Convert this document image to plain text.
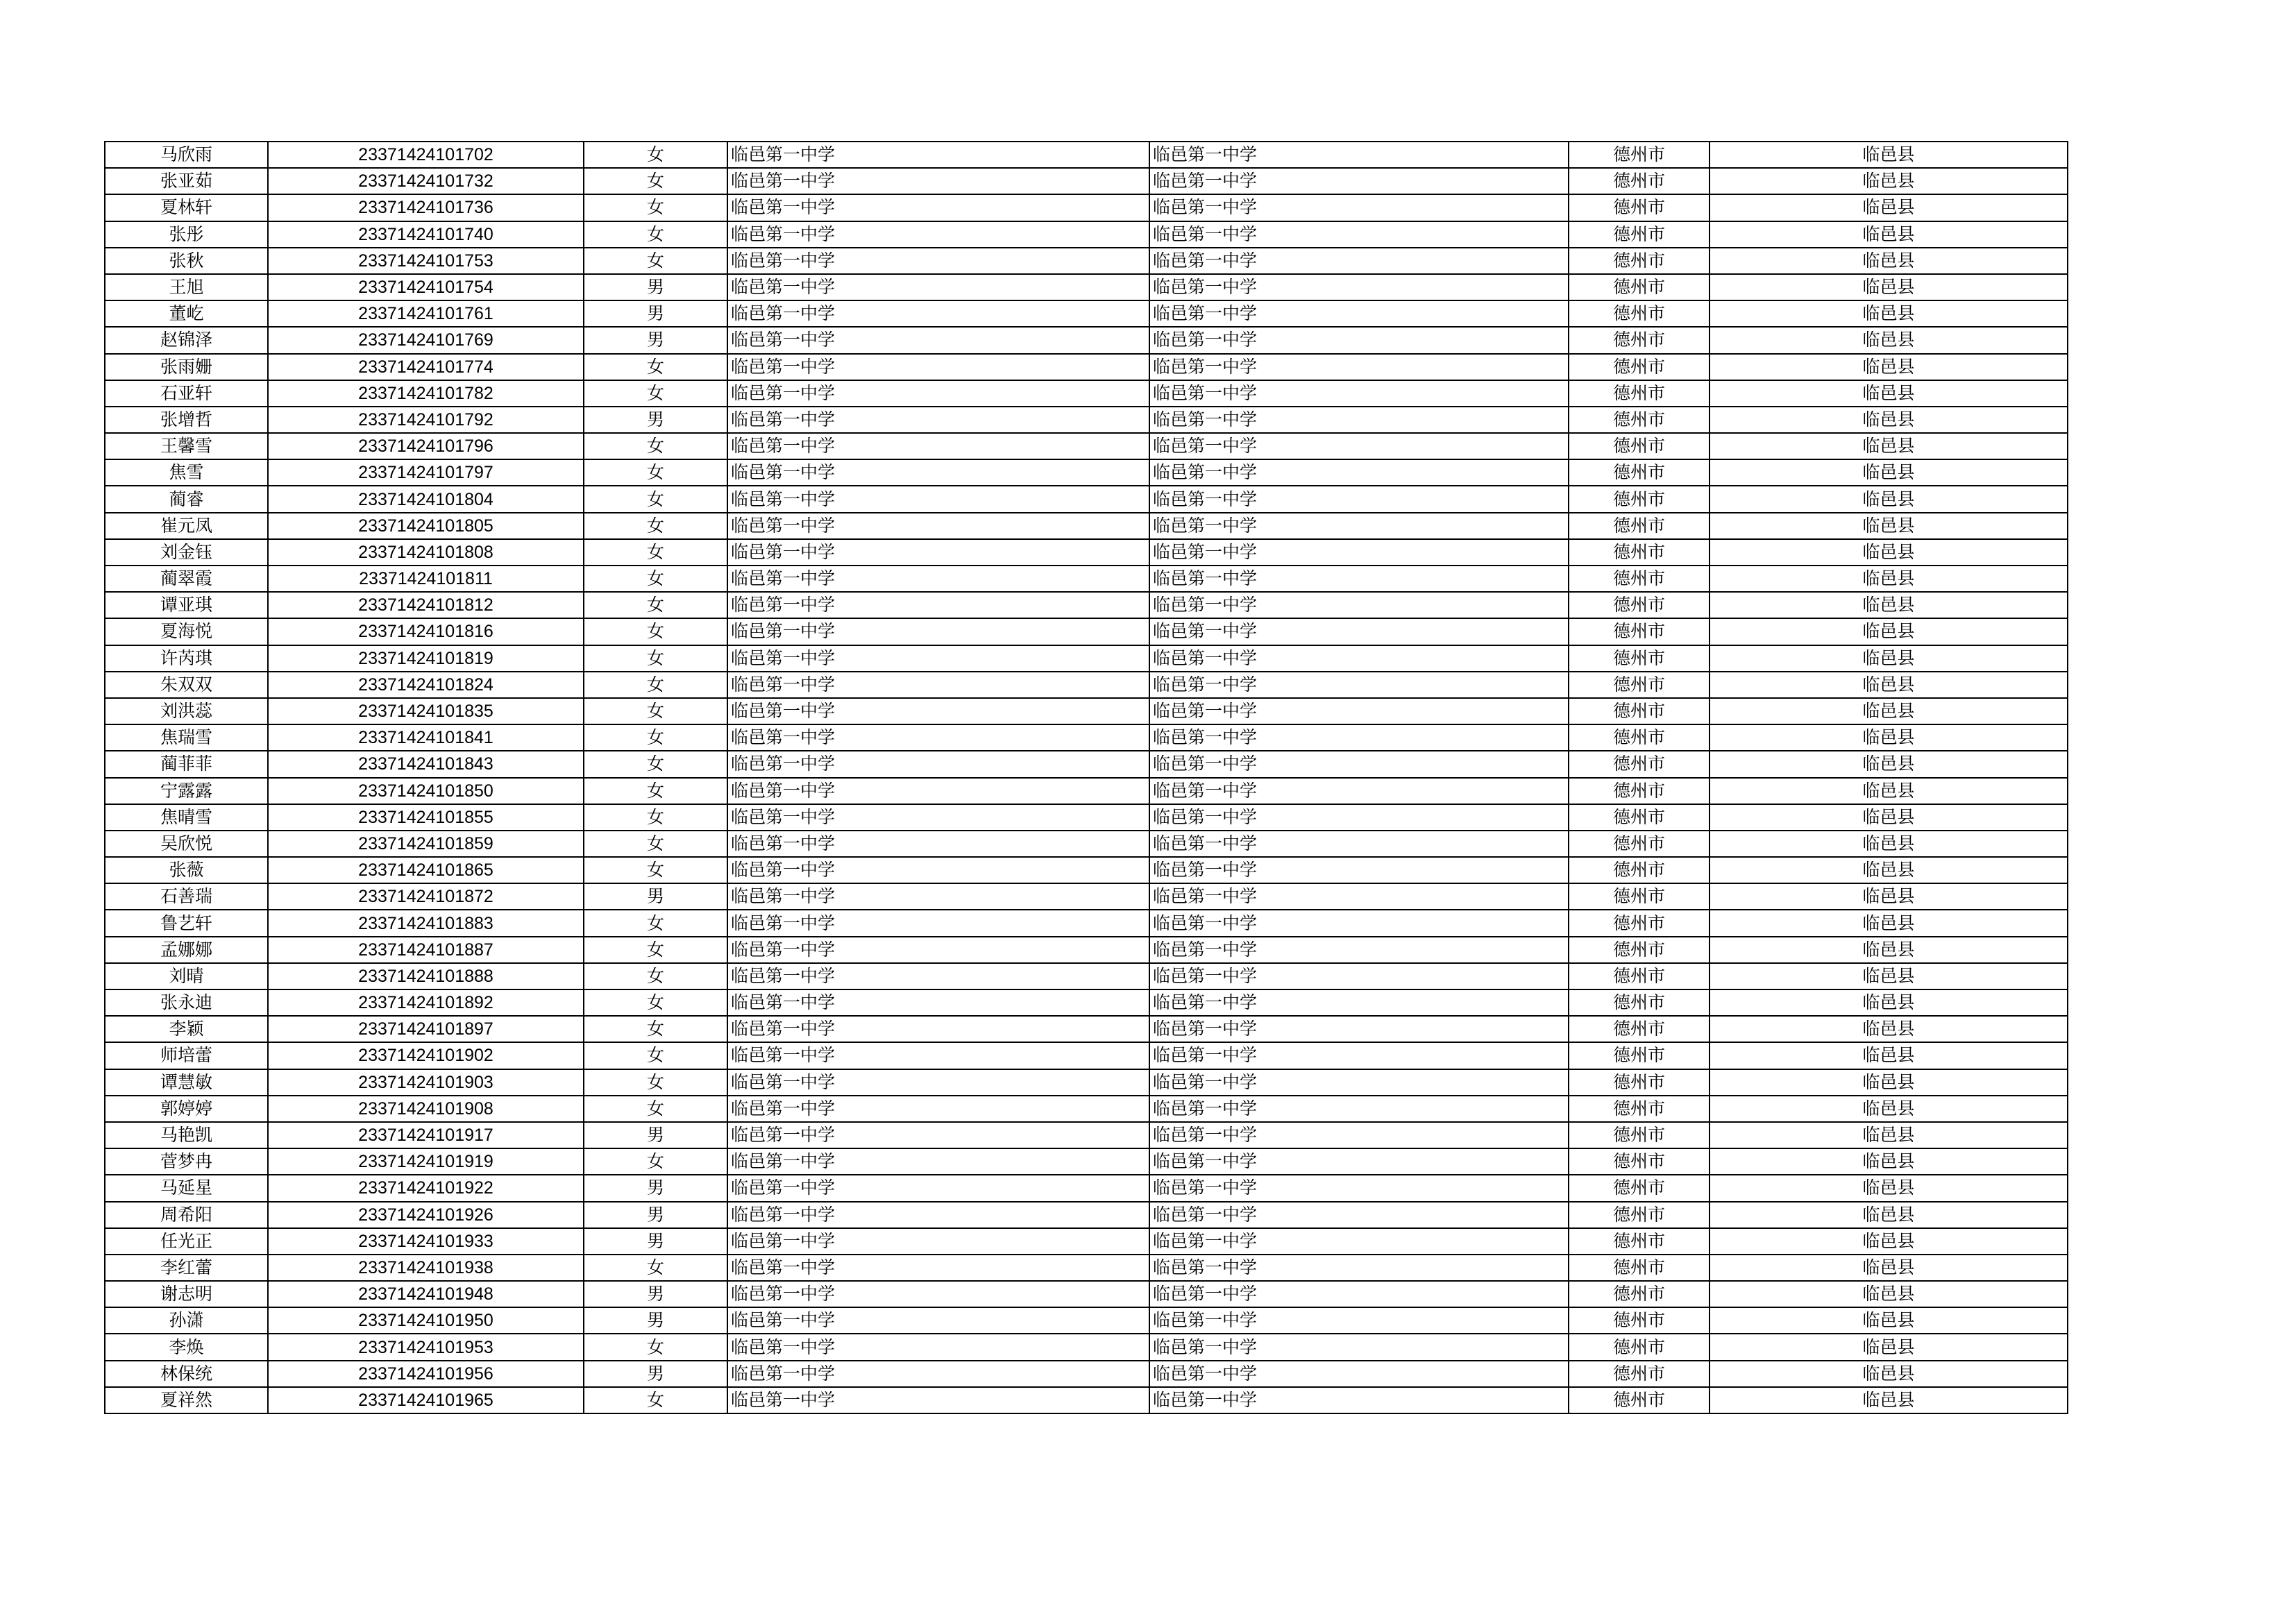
马欣雨	23371424101702	女	临邑第一中学	临邑第一中学	德州市	临邑县
张亚茹	23371424101732	女	临邑第一中学	临邑第一中学	德州市	临邑县
夏林轩	23371424101736	女	临邑第一中学	临邑第一中学	德州市	临邑县
张彤	23371424101740	女	临邑第一中学	临邑第一中学	德州市	临邑县
张秋	23371424101753	女	临邑第一中学	临邑第一中学	德州市	临邑县
王旭	23371424101754	男	临邑第一中学	临邑第一中学	德州市	临邑县
董屹	23371424101761	男	临邑第一中学	临邑第一中学	德州市	临邑县
赵锦泽	23371424101769	男	临邑第一中学	临邑第一中学	德州市	临邑县
张雨姗	23371424101774	女	临邑第一中学	临邑第一中学	德州市	临邑县
石亚轩	23371424101782	女	临邑第一中学	临邑第一中学	德州市	临邑县
张增哲	23371424101792	男	临邑第一中学	临邑第一中学	德州市	临邑县
王馨雪	23371424101796	女	临邑第一中学	临邑第一中学	德州市	临邑县
焦雪	23371424101797	女	临邑第一中学	临邑第一中学	德州市	临邑县
蔺睿	23371424101804	女	临邑第一中学	临邑第一中学	德州市	临邑县
崔元凤	23371424101805	女	临邑第一中学	临邑第一中学	德州市	临邑县
刘金钰	23371424101808	女	临邑第一中学	临邑第一中学	德州市	临邑县
蔺翠霞	23371424101811	女	临邑第一中学	临邑第一中学	德州市	临邑县
谭亚琪	23371424101812	女	临邑第一中学	临邑第一中学	德州市	临邑县
夏海悦	23371424101816	女	临邑第一中学	临邑第一中学	德州市	临邑县
许芮琪	23371424101819	女	临邑第一中学	临邑第一中学	德州市	临邑县
朱双双	23371424101824	女	临邑第一中学	临邑第一中学	德州市	临邑县
刘洪蕊	23371424101835	女	临邑第一中学	临邑第一中学	德州市	临邑县
焦瑞雪	23371424101841	女	临邑第一中学	临邑第一中学	德州市	临邑县
蔺菲菲	23371424101843	女	临邑第一中学	临邑第一中学	德州市	临邑县
宁露露	23371424101850	女	临邑第一中学	临邑第一中学	德州市	临邑县
焦晴雪	23371424101855	女	临邑第一中学	临邑第一中学	德州市	临邑县
吴欣悦	23371424101859	女	临邑第一中学	临邑第一中学	德州市	临邑县
张薇	23371424101865	女	临邑第一中学	临邑第一中学	德州市	临邑县
石善瑞	23371424101872	男	临邑第一中学	临邑第一中学	德州市	临邑县
鲁艺轩	23371424101883	女	临邑第一中学	临邑第一中学	德州市	临邑县
孟娜娜	23371424101887	女	临邑第一中学	临邑第一中学	德州市	临邑县
刘晴	23371424101888	女	临邑第一中学	临邑第一中学	德州市	临邑县
张永迪	23371424101892	女	临邑第一中学	临邑第一中学	德州市	临邑县
李颖	23371424101897	女	临邑第一中学	临邑第一中学	德州市	临邑县
师培蕾	23371424101902	女	临邑第一中学	临邑第一中学	德州市	临邑县
谭慧敏	23371424101903	女	临邑第一中学	临邑第一中学	德州市	临邑县
郭婷婷	23371424101908	女	临邑第一中学	临邑第一中学	德州市	临邑县
马艳凯	23371424101917	男	临邑第一中学	临邑第一中学	德州市	临邑县
菅梦冉	23371424101919	女	临邑第一中学	临邑第一中学	德州市	临邑县
马延星	23371424101922	男	临邑第一中学	临邑第一中学	德州市	临邑县
周希阳	23371424101926	男	临邑第一中学	临邑第一中学	德州市	临邑县
任光正	23371424101933	男	临邑第一中学	临邑第一中学	德州市	临邑县
李红蕾	23371424101938	女	临邑第一中学	临邑第一中学	德州市	临邑县
谢志明	23371424101948	男	临邑第一中学	临邑第一中学	德州市	临邑县
孙潇	23371424101950	男	临邑第一中学	临邑第一中学	德州市	临邑县
李焕	23371424101953	女	临邑第一中学	临邑第一中学	德州市	临邑县
林保统	23371424101956	男	临邑第一中学	临邑第一中学	德州市	临邑县
夏祥然	23371424101965	女	临邑第一中学	临邑第一中学	德州市	临邑县
